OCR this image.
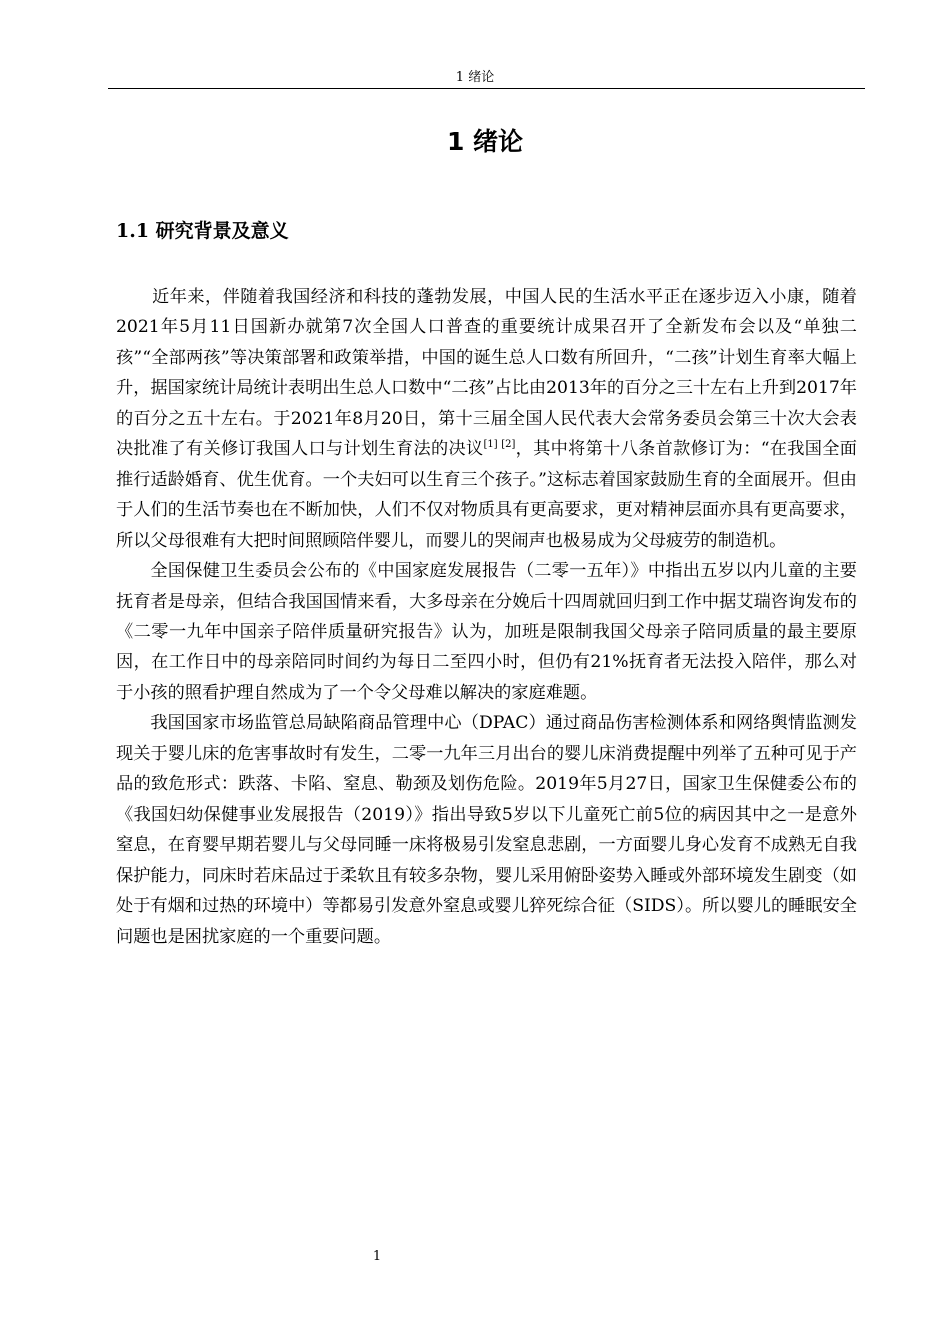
1 绪论
1 绪论
1.1 研究背景及意义

近年来，伴随着我国经济和科技的蓬勃发展，中国人民的生活水平正在逐步迈入小康，随着2021年5月11日国新办就第7次全国人口普查的重要统计成果召开了全新发布会以及“单独二孩”“全部两孩”等决策部署和政策举措，中国的诞生总人口数有所回升，“二孩”计划生育率大幅上升，据国家统计局统计表明出生总人口数中“二孩”占比由2013年的百分之三十左右上升到2017年的百分之五十左右。于2021年8月20日，第十三届全国人民代表大会常务委员会第三十次大会表决批准了有关修订我国人口与计划生育法的决议[1] [2]，其中将第十八条首款修订为：“在我国全面推行适龄婚育、优生优育。一个夫妇可以生育三个孩子。”这标志着国家鼓励生育的全面展开。但由于人们的生活节奏也在不断加快，人们不仅对物质具有更高要求，更对精神层面亦具有更高要求，所以父母很难有大把时间照顾陪伴婴儿，而婴儿的哭闹声也极易成为父母疲劳的制造机。

全国保健卫生委员会公布的《中国家庭发展报告（二零一五年）》中指出五岁以内儿童的主要抚育者是母亲，但结合我国国情来看，大多母亲在分娩后十四周就回归到工作中据艾瑞咨询发布的《二零一九年中国亲子陪伴质量研究报告》认为，加班是限制我国父母亲子陪同质量的最主要原因，在工作日中的母亲陪同时间约为每日二至四小时，但仍有21%抚育者无法投入陪伴，那么对于小孩的照看护理自然成为了一个令父母难以解决的家庭难题。

我国国家市场监管总局缺陷商品管理中心（DPAC）通过商品伤害检测体系和网络舆情监测发现关于婴儿床的危害事故时有发生，二零一九年三月出台的婴儿床消费提醒中列举了五种可见于产品的致危形式：跌落、卡陷、窒息、勒颈及划伤危险。2019年5月27日，国家卫生保健委公布的《我国妇幼保健事业发展报告（2019）》指出导致5岁以下儿童死亡前5位的病因其中之一是意外窒息，在育婴早期若婴儿与父母同睡一床将极易引发窒息悲剧，一方面婴儿身心发育不成熟无自我保护能力，同床时若床品过于柔软且有较多杂物，婴儿采用俯卧姿势入睡或外部环境发生剧变（如处于有烟和过热的环境中）等都易引发意外窒息或婴儿猝死综合征（SIDS）。所以婴儿的睡眠安全问题也是困扰家庭的一个重要问题。

1
